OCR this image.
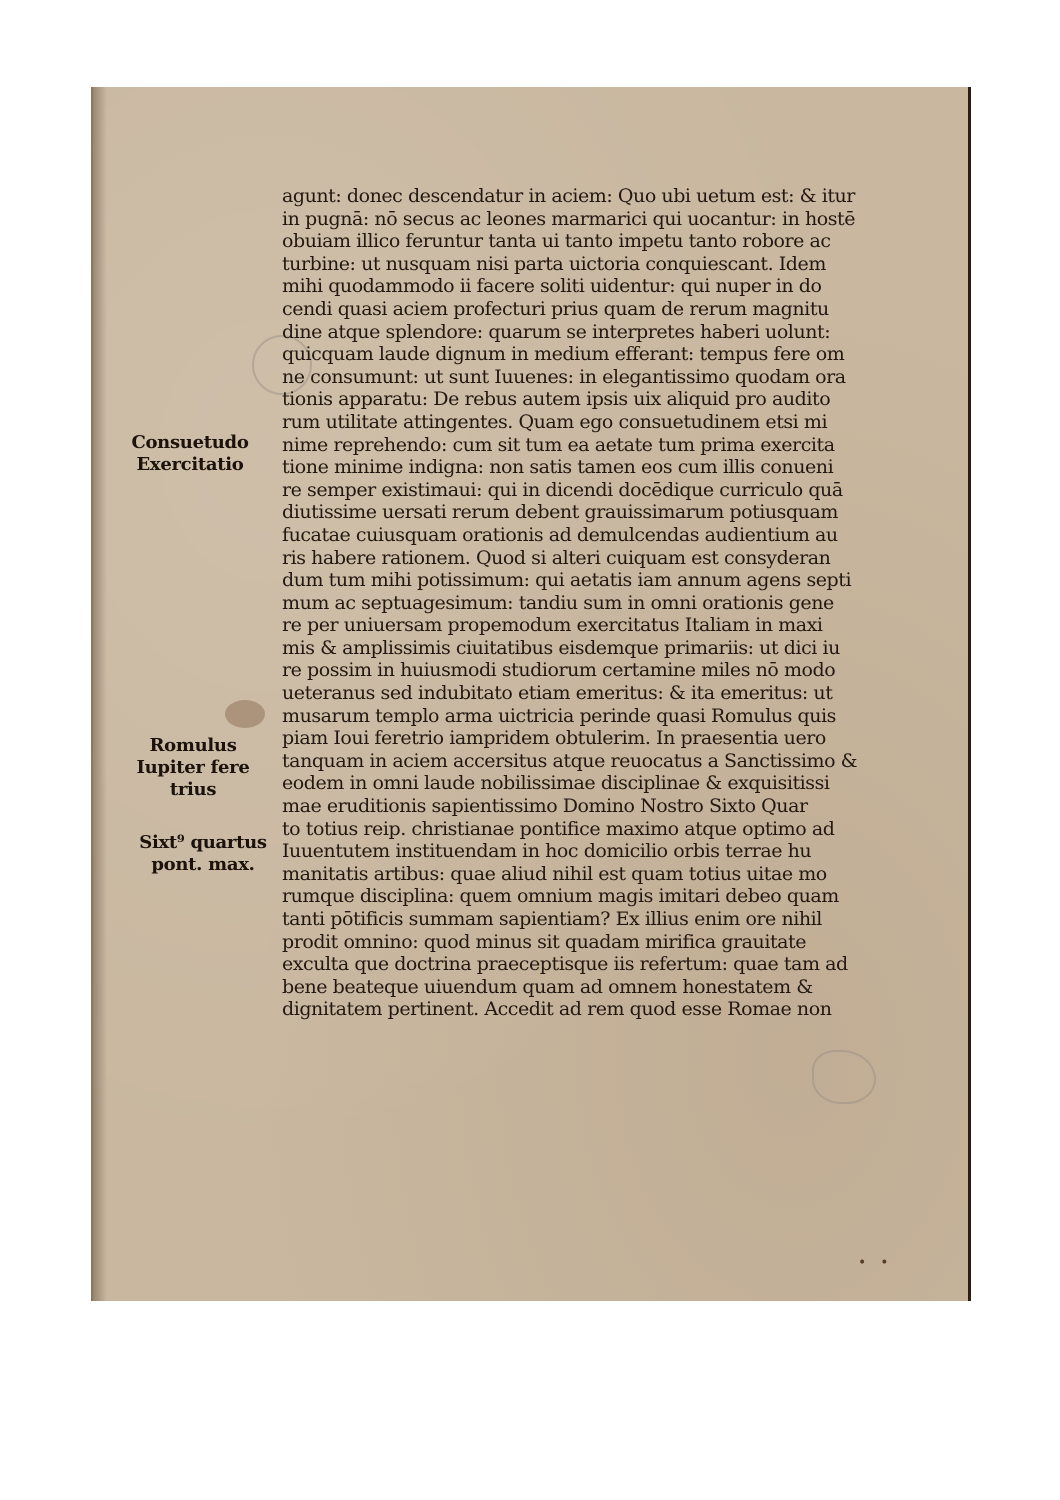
Consuetudo
Exercitatio
Romulus
Iupiter fere
trius
Sixt⁹ quartus
pont. max.
agunt: donec descendatur in aciem: Quo ubi uetum est: & itur
in pugnā: nō secus ac leones marmarici qui uocantur: in hostē
obuiam illico feruntur tanta ui tanto impetu tanto robore ac
turbine: ut nusquam nisi parta uictoria conquiescant. Idem
mihi quodammodo ii facere soliti uidentur: qui nuper in do
cendi quasi aciem profecturi prius quam de rerum magnitu
dine atque splendore: quarum se interpretes haberi uolunt:
quicquam laude dignum in medium efferant: tempus fere om
ne consumunt: ut sunt Iuuenes: in elegantissimo quodam ora
tionis apparatu: De rebus autem ipsis uix aliquid pro audito
rum utilitate attingentes. Quam ego consuetudinem etsi mi
nime reprehendo: cum sit tum ea aetate tum prima exercita
tione minime indigna: non satis tamen eos cum illis conueni
re semper existimaui: qui in dicendi docēdique curriculo quā
diutissime uersati rerum debent grauissimarum potiusquam
fucatae cuiusquam orationis ad demulcendas audientium au
ris habere rationem. Quod si alteri cuiquam est consyderan
dum tum mihi potissimum: qui aetatis iam annum agens septi
mum ac septuagesimum: tandiu sum in omni orationis gene
re per uniuersam propemodum exercitatus Italiam in maxi
mis & amplissimis ciuitatibus eisdemque primariis: ut dici iu
re possim in huiusmodi studiorum certamine miles nō modo
ueteranus sed indubitato etiam emeritus: & ita emeritus: ut
musarum templo arma uictricia perinde quasi Romulus quis
piam Ioui feretrio iampridem obtulerim. In praesentia uero
tanquam in aciem accersitus atque reuocatus a Sanctissimo &
eodem in omni laude nobilissimae disciplinae & exquisitissi
mae eruditionis sapientissimo Domino Nostro Sixto Quar
to totius reip. christianae pontifice maximo atque optimo ad
Iuuentutem instituendam in hoc domicilio orbis terrae hu
manitatis artibus: quae aliud nihil est quam totius uitae mo
rumque disciplina: quem omnium magis imitari debeo quam
tanti pōtificis summam sapientiam? Ex illius enim ore nihil
prodit omnino: quod minus sit quadam mirifica grauitate
exculta que doctrina praeceptisque iis refertum: quae tam ad
bene beateque uiuendum quam ad omnem honestatem &
dignitatem pertinent. Accedit ad rem quod esse Romae non
••
